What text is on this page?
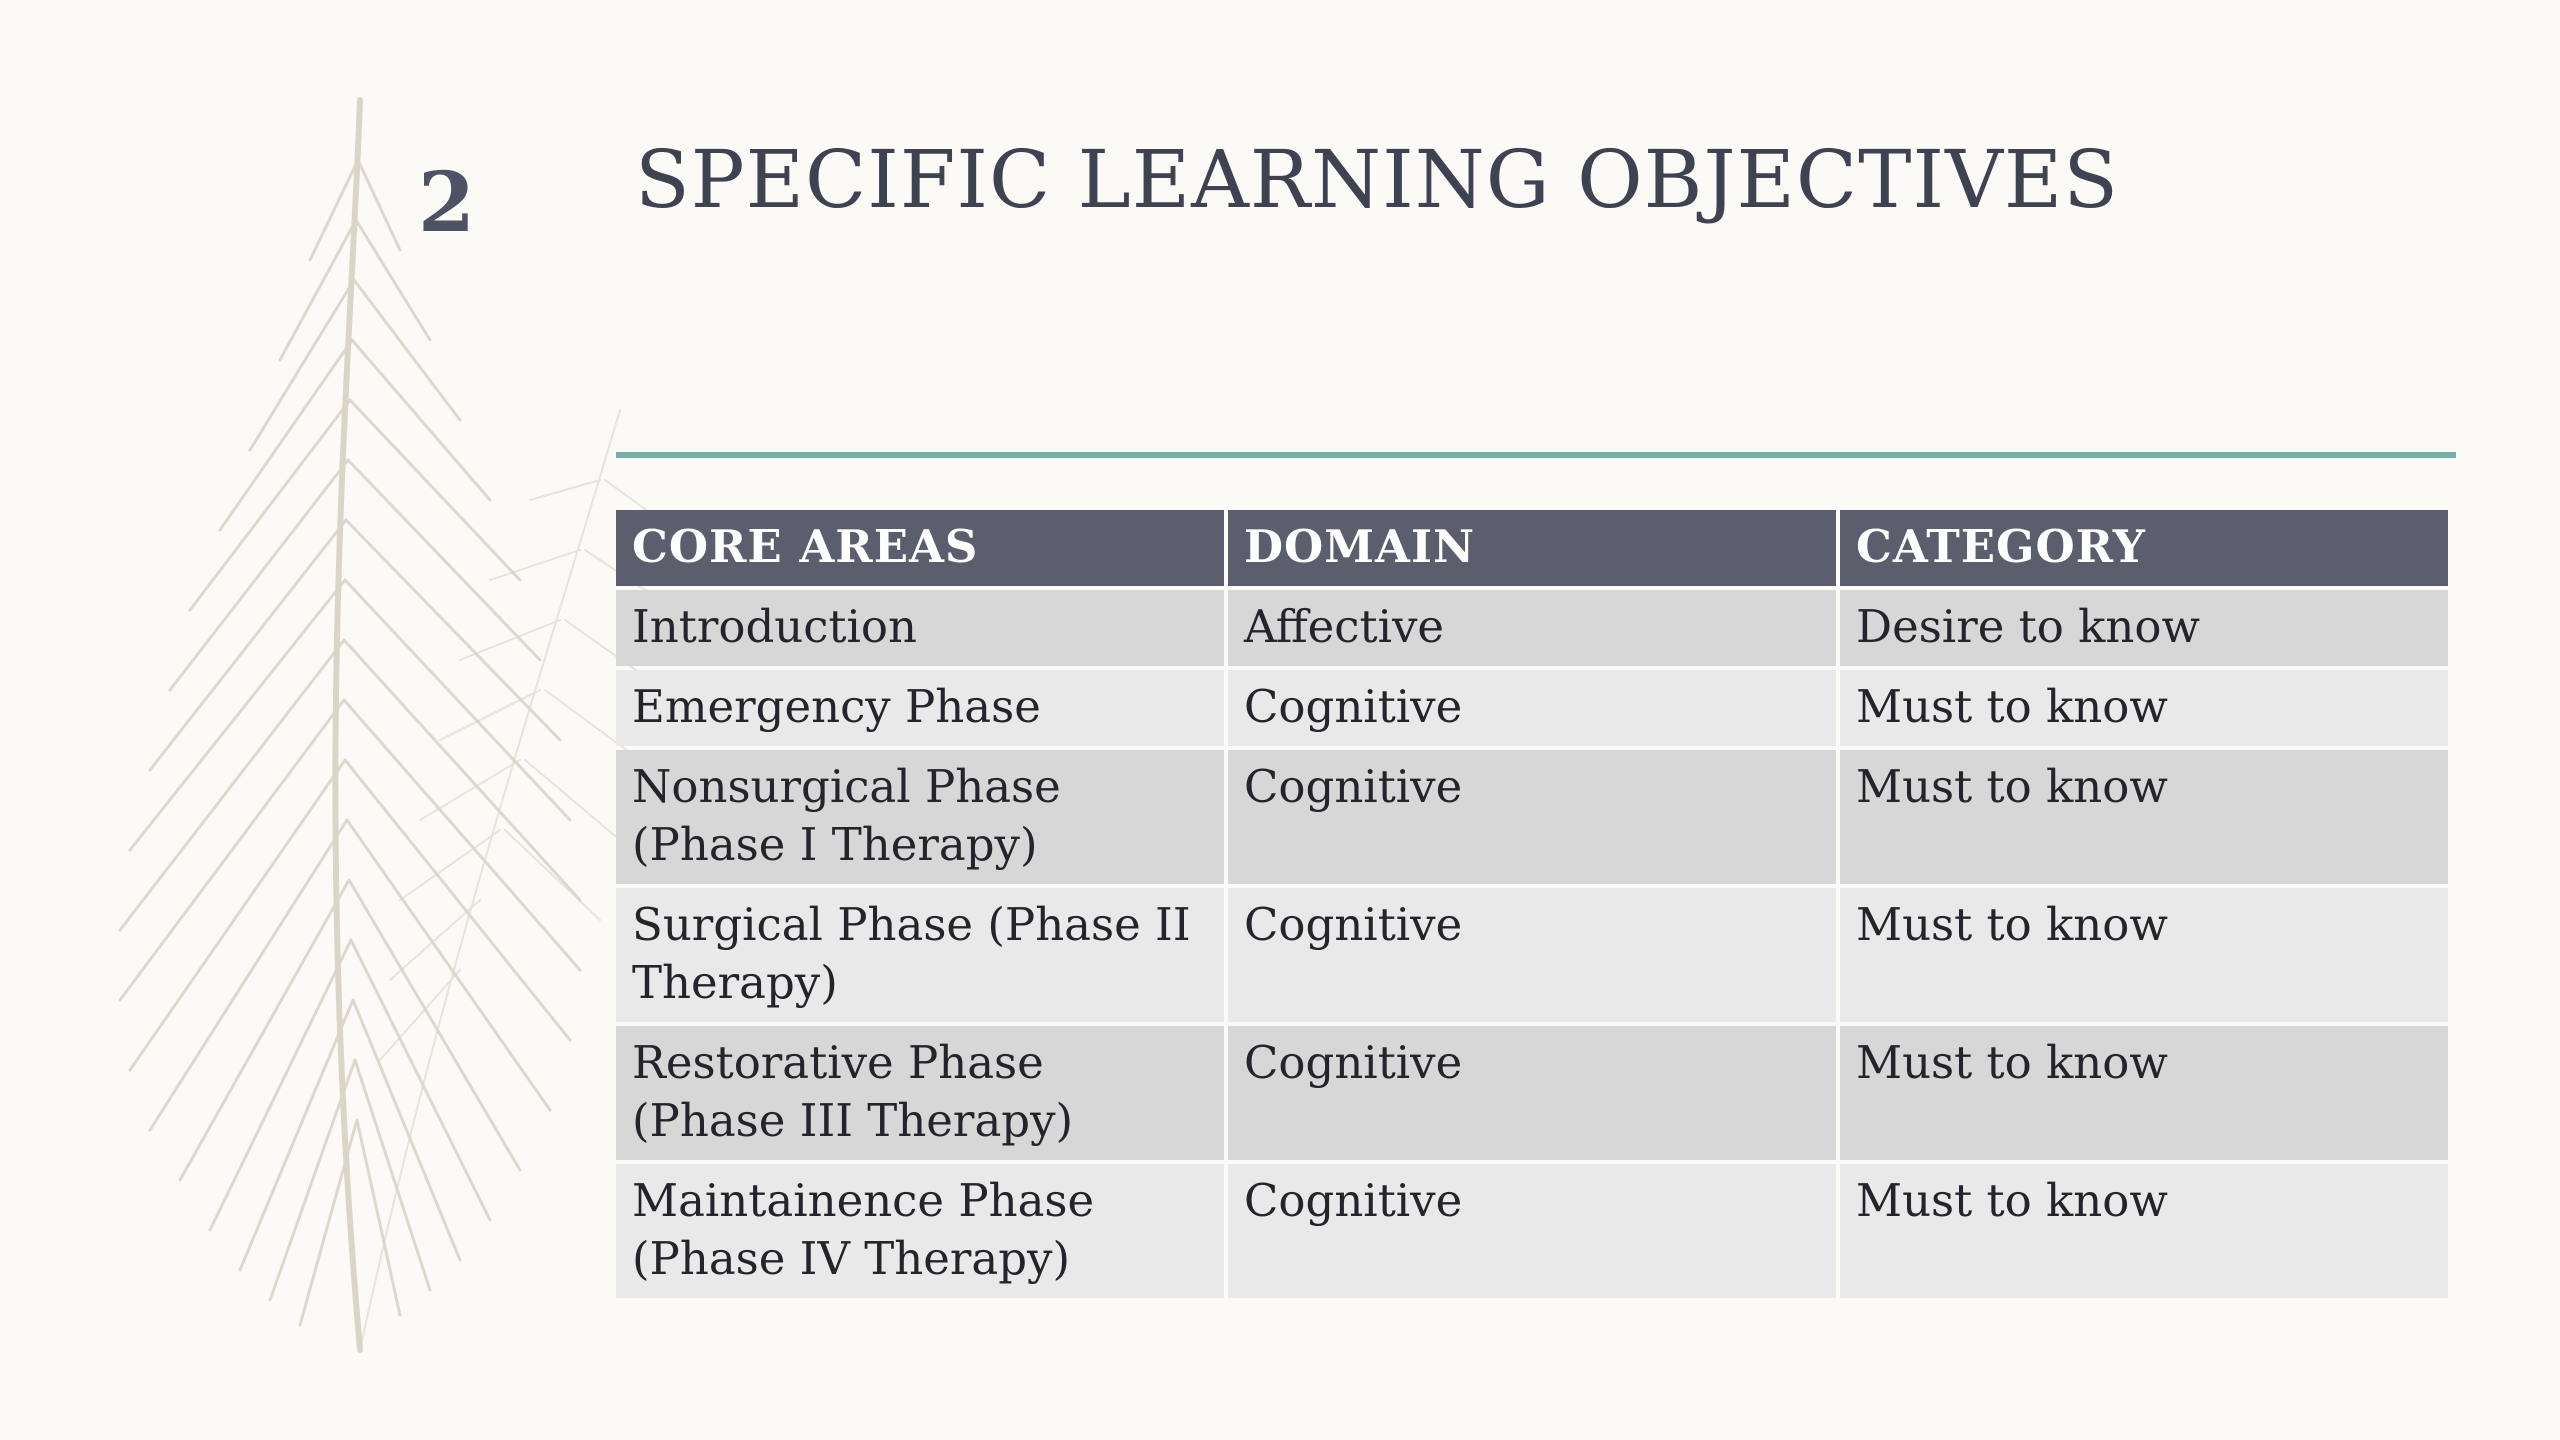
2 SPECIFIC LEARNING OBJECTIVES
CORE AREAS	DOMAIN	CATEGORY
Introduction	Affective	Desire to know
Emergency Phase	Cognitive	Must to know
Nonsurgical Phase (Phase I Therapy)	Cognitive	Must to know
Surgical Phase (Phase II Therapy)	Cognitive	Must to know
Restorative Phase (Phase III Therapy)	Cognitive	Must to know
Maintainence Phase (Phase IV Therapy)	Cognitive	Must to know
